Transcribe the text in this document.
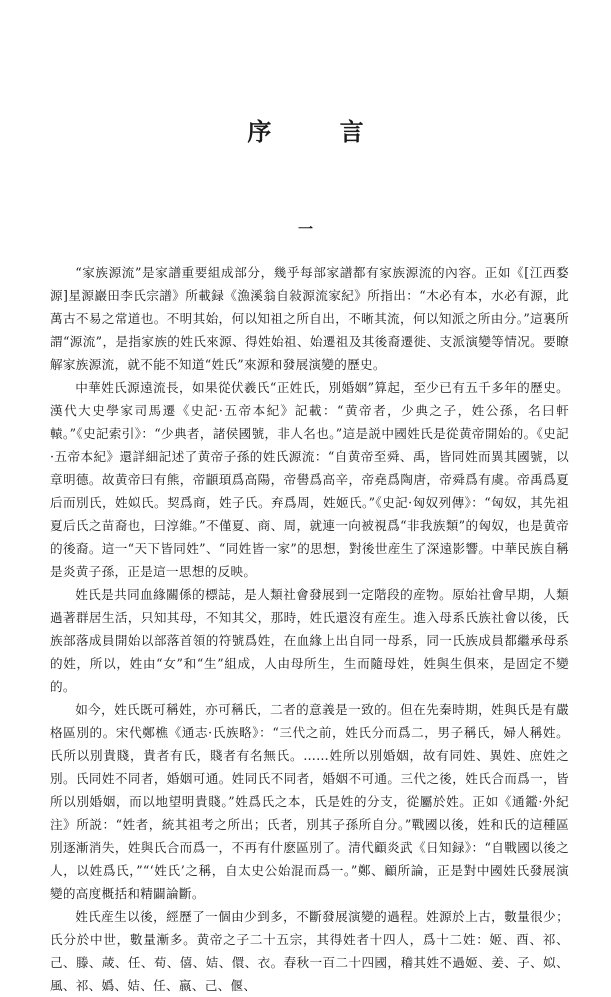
序 言
一

“家族源流”是家譜重要組成部分，幾乎每部家譜都有家族源流的內容。正如《[江西婺源]星源巖田李氏宗譜》所載録《漁溪翁自敍源流家紀》所指出：“木必有本，水必有源，此萬古不易之常道也。不明其始，何以知祖之所自出，不晰其流，何以知派之所由分。”這裏所謂“源流”，是指家族的姓氏來源、得姓始祖、始遷祖及其後裔遷徙、支派演變等情况。要瞭解家族源流，就不能不知道“姓氏”來源和發展演變的歷史。

中華姓氏源遠流長，如果從伏羲氏“正姓氏，別婚姻”算起，至少已有五千多年的歷史。漢代大史學家司馬遷《史記·五帝本紀》記載：“黄帝者，少典之子，姓公孫，名曰軒轅。”《史記索引》：“少典者，諸侯國號，非人名也。”這是説中國姓氏是從黄帝開始的。《史記·五帝本紀》還詳細記述了黄帝子孫的姓氏源流：“自黄帝至舜、禹，皆同姓而異其國號，以章明德。故黄帝曰有熊，帝顓頊爲高陽，帝嚳爲高辛，帝堯爲陶唐，帝舜爲有虞。帝禹爲夏后而別氏，姓姒氏。契爲商，姓子氏。弃爲周，姓姬氏。”《史記·匈奴列傳》：“匈奴，其先祖夏后氏之苗裔也，曰淳維。”不僅夏、商、周，就連一向被視爲“非我族類”的匈奴，也是黄帝的後裔。這一“天下皆同姓”、“同姓皆一家”的思想，對後世産生了深遠影響。中華民族自稱是炎黄子孫，正是這一思想的反映。

姓氏是共同血緣關係的標誌，是人類社會發展到一定階段的産物。原始社會早期，人類過著群居生活，只知其母，不知其父，那時，姓氏還沒有産生。進入母系氏族社會以後，氏族部落成員開始以部落首領的符號爲姓，在血緣上出自同一母系，同一氏族成員都繼承母系的姓，所以，姓由“女”和“生”組成，人由母所生，生而隨母姓，姓與生俱來，是固定不變的。

如今，姓氏既可稱姓，亦可稱氏，二者的意義是一致的。但在先秦時期，姓與氏是有嚴格區別的。宋代鄭樵《通志·氏族略》：“三代之前，姓氏分而爲二，男子稱氏，婦人稱姓。氏所以別貴賤，貴者有氏，賤者有名無氏。……姓所以別婚姻，故有同姓、異姓、庶姓之別。氏同姓不同者，婚姻可通。姓同氏不同者，婚姻不可通。三代之後，姓氏合而爲一，皆所以別婚姻，而以地望明貴賤。”姓爲氏之本，氏是姓的分支，從屬於姓。正如《通鑑·外紀注》所説：“姓者，統其祖考之所出；氏者，別其子孫所自分。”戰國以後，姓和氏的這種區別逐漸消失，姓與氏合而爲一，不再有什麽區別了。清代顧炎武《日知録》：“自戰國以後之人，以姓爲氏，”“‘姓氏’之稱，自太史公始混而爲一。”鄭、顧所論，正是對中國姓氏發展演變的高度概括和精闢論斷。

姓氏産生以後，經歷了一個由少到多，不斷發展演變的過程。姓源於上古，數量很少；氏分於中世，數量漸多。黄帝之子二十五宗，其得姓者十四人，爲十二姓：姬、酉、祁、己、滕、葴、任、荀、僖、姞、儇、衣。春秋一百二十四國，稽其姓不過姬、姜、子、姒、風、祁、嬀、姞、任、嬴、己、偃、
